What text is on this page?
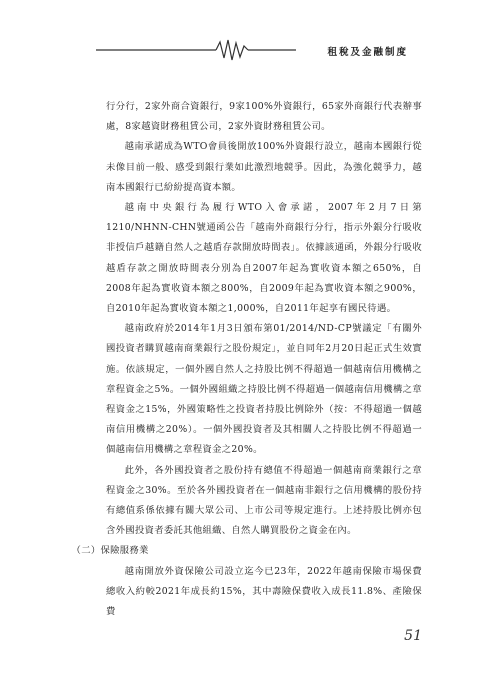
租稅及金融制度

行分行，2家外商合資銀行，9家100%外資銀行，65家外商銀行代表辦事處，8家越資財務租賃公司，2家外資財務租賃公司。

越南承諾成為WTO會員後開放100%外資銀行設立，越南本國銀行從未像目前一般、感受到銀行業如此激烈地競爭。因此，為強化競爭力，越南本國銀行已紛紛提高資本額。

越南中央銀行為履行WTO入會承諾，2007年2月7日第1210/NHNN-CHN號通函公告「越南外商銀行分行，指示外銀分行吸收非授信戶越籍自然人之越盾存款開放時間表」。依據該通函，外銀分行吸收越盾存款之開放時間表分別為自2007年起為實收資本額之650%，自2008年起為實收資本額之800%，自2009年起為實收資本額之900%，自2010年起為實收資本額之1,000%，自2011年起享有國民待遇。

越南政府於2014年1月3日頒布第01/2014/ND-CP號議定「有關外國投資者購買越南商業銀行之股份規定」，並自同年2月20日起正式生效實施。依該規定，一個外國自然人之持股比例不得超過一個越南信用機構之章程資金之5%。一個外國組織之持股比例不得超過一個越南信用機構之章程資金之15%，外國策略性之投資者持股比例除外（按：不得超過一個越南信用機構之20%）。一個外國投資者及其相關人之持股比例不得超過一個越南信用機構之章程資金之20%。

此外，各外國投資者之股份持有總值不得超過一個越南商業銀行之章程資金之30%。至於各外國投資者在一個越南非銀行之信用機構的股份持有總值系係依據有關大眾公司、上市公司等規定進行。上述持股比例亦包含外國投資者委託其他組織、自然人購買股份之資金在內。

（二）保險服務業

越南開放外資保險公司設立迄今已23年，2022年越南保險市場保費總收入約較2021年成長約15%，其中壽險保費收入成長11.8%、產險保費

51
